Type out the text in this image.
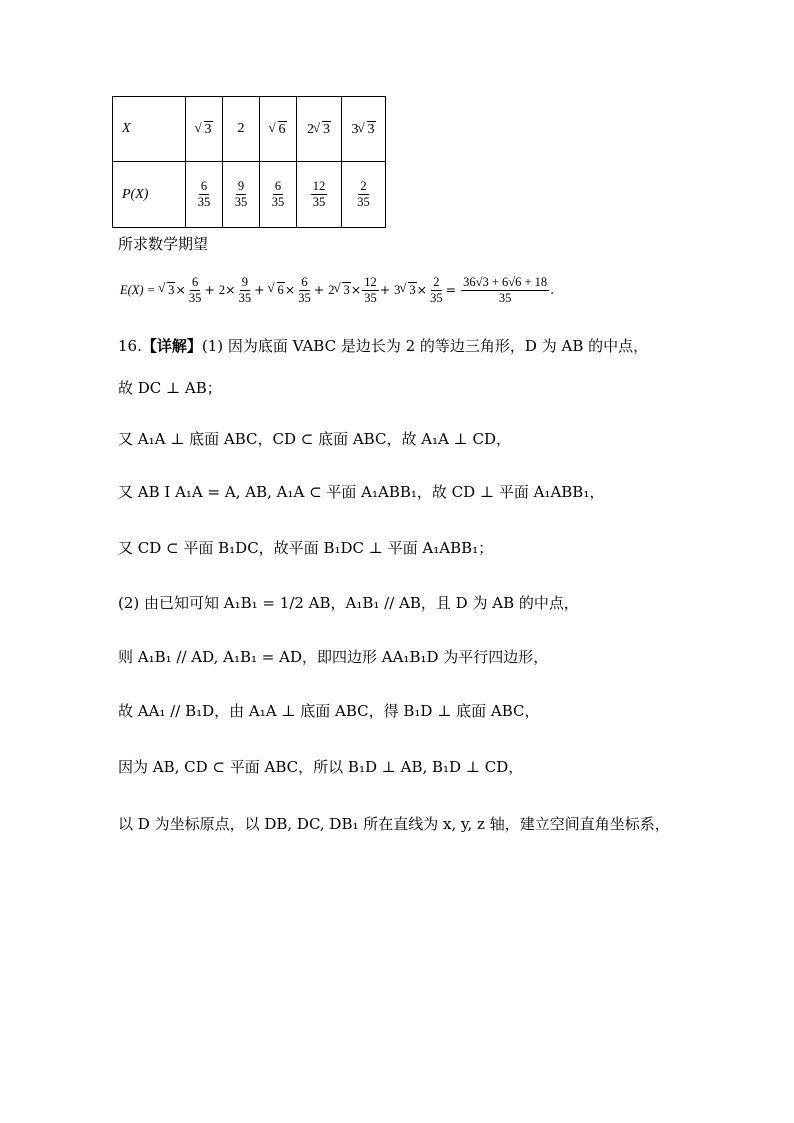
X	√ 3	2	√ 6	2 √ 3	3 √ 3
P(X)	$\frac{6}{35}$	$\frac{9}{35}$	$\frac{6}{35}$	$\frac{12}{35}$	$\frac{2}{35}$
所求数学期望
E(X) = √ $3\times \frac{6}{35} + 2\times \frac{9}{35}$ + √ $6\times \frac{6}{35} + 2$ √ $3\times \frac{12}{35} + 3$ √ $3\times \frac{2}{35} = \frac{36√3 + 6√6 + 18}{35}$ .
16.【详解】(1) 因为底面 VABC 是边长为 2 的等边三角形，D 为 AB 的中点，
故 DC ⊥ AB；
又 A₁A ⊥ 底面 ABC，CD ⊂ 底面 ABC，故 A₁A ⊥ CD，
又 AB I A₁A = A, AB, A₁A ⊂ 平面 A₁ABB₁，故 CD ⊥ 平面 A₁ABB₁，
又 CD ⊂ 平面 B₁DC，故平面 B₁DC ⊥ 平面 A₁ABB₁；
(2) 由已知可知 A₁B₁ = 1/2 AB，A₁B₁ // AB，且 D 为 AB 的中点，
则 A₁B₁ // AD, A₁B₁ = AD，即四边形 AA₁B₁D 为平行四边形，
故 AA₁ // B₁D，由 A₁A ⊥ 底面 ABC，得 B₁D ⊥ 底面 ABC，
因为 AB, CD ⊂ 平面 ABC，所以 B₁D ⊥ AB, B₁D ⊥ CD，
以 D 为坐标原点，以 DB, DC, DB₁ 所在直线为 x, y, z 轴，建立空间直角坐标系，
